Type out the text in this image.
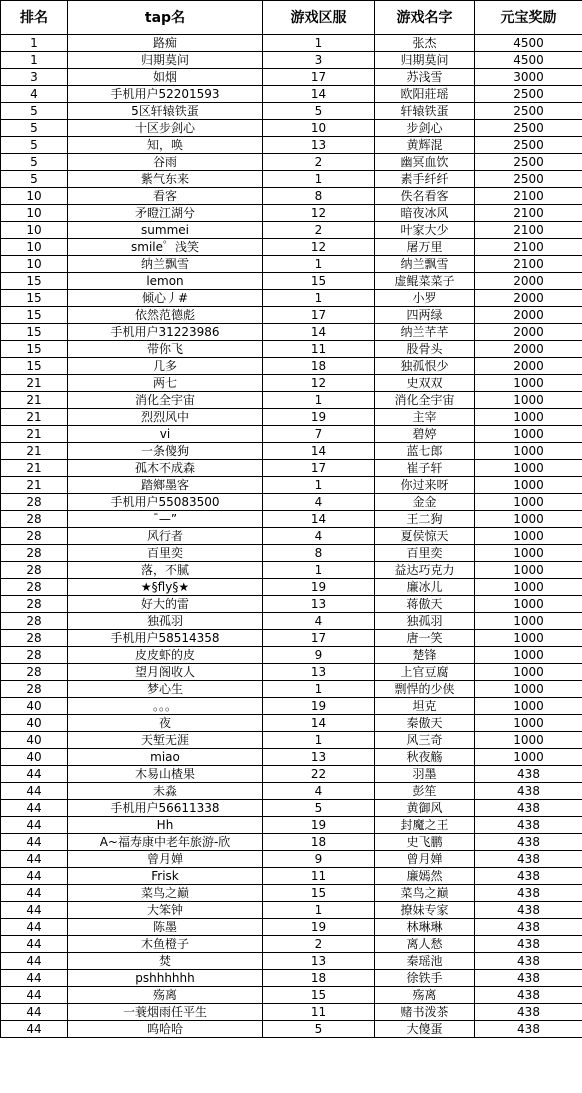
排名	tap名	游戏区服	游戏名字	元宝奖励
1	路痴	1	张杰	4500
1	归期莫问	3	归期莫问	4500
3	如烟	17	苏浅雪	3000
4	手机用户52201593	14	欧阳莊瑶	2500
5	5区轩辕铁蛋	5	轩辕铁蛋	2500
5	十区步剑心	10	步剑心	2500
5	知，唤	13	黄辉混	2500
5	谷雨	2	幽冥血饮	2500
5	紫气东来	1	素手纤纤	2500
10	看客	8	佚名看客	2100
10	矛瞪江湖兮	12	暗夜冰风	2100
10	summei	2	叶家大少	2100
10	smile゜浅笑	12	屠万里	2100
10	纳兰飘雪	1	纳兰飘雪	2100
15	lemon	15	虚鲲菜菜子	2000
15	倾心丿#	1	小罗	2000
15	依然范德彪	17	四两绿	2000
15	手机用户31223986	14	纳兰芊芊	2000
15	带你飞	11	股骨头	2000
15	几多	18	独孤恨少	2000
21	两七	12	史双双	1000
21	消化全宇宙	1	消化全宇宙	1000
21	烈烈风中	19	主宰	1000
21	vi	7	碧婷	1000
21	一条傻狗	14	蓝七郎	1000
21	孤木不成森	17	崔子轩	1000
21	踏鄉墨客	1	你过来呀	1000
28	手机用户55083500	4	金金	1000
28	¯—”	14	王二狗	1000
28	风行者	4	夏侯惊天	1000
28	百里奕	8	百里奕	1000
28	落，不腻	1	益达巧克力	1000
28	★§fly§★	19	廉冰儿	1000
28	好大的雷	13	蒋傲天	1000
28	独孤羽	4	独孤羽	1000
28	手机用户58514358	17	唐一笑	1000
28	皮皮虾的皮	9	楚锋	1000
28	望月阁收人	13	上官豆腐	1000
28	梦心生	1	剽悍的少侠	1000
40	。。。	19	坦克	1000
40	夜	14	秦傲天	1000
40	天堑无涯	1	风三奇	1000
40	miao	13	秋夜觞	1000
44	木易山楂果	22	羽墨	438
44	未淼	4	彭笙	438
44	手机用户56611338	5	黄御风	438
44	Hh	19	封魔之王	438
44	A~福寿康中老年旅游-欣	18	史飞鹏	438
44	曾月婵	9	曾月婵	438
44	Frisk	11	廉嫣然	438
44	菜鸟之巅	15	菜鸟之巅	438
44	大笨钟	1	撩妹专家	438
44	陈墨	19	林琳琳	438
44	木鱼橙子	2	离人愁	438
44	焚	13	秦瑶池	438
44	pshhhhhh	18	徐铁手	438
44	殇离	15	殇离	438
44	一蓑烟雨任平生	11	赌书泼茶	438
44	呜哈哈	5	大傻蛋	438
